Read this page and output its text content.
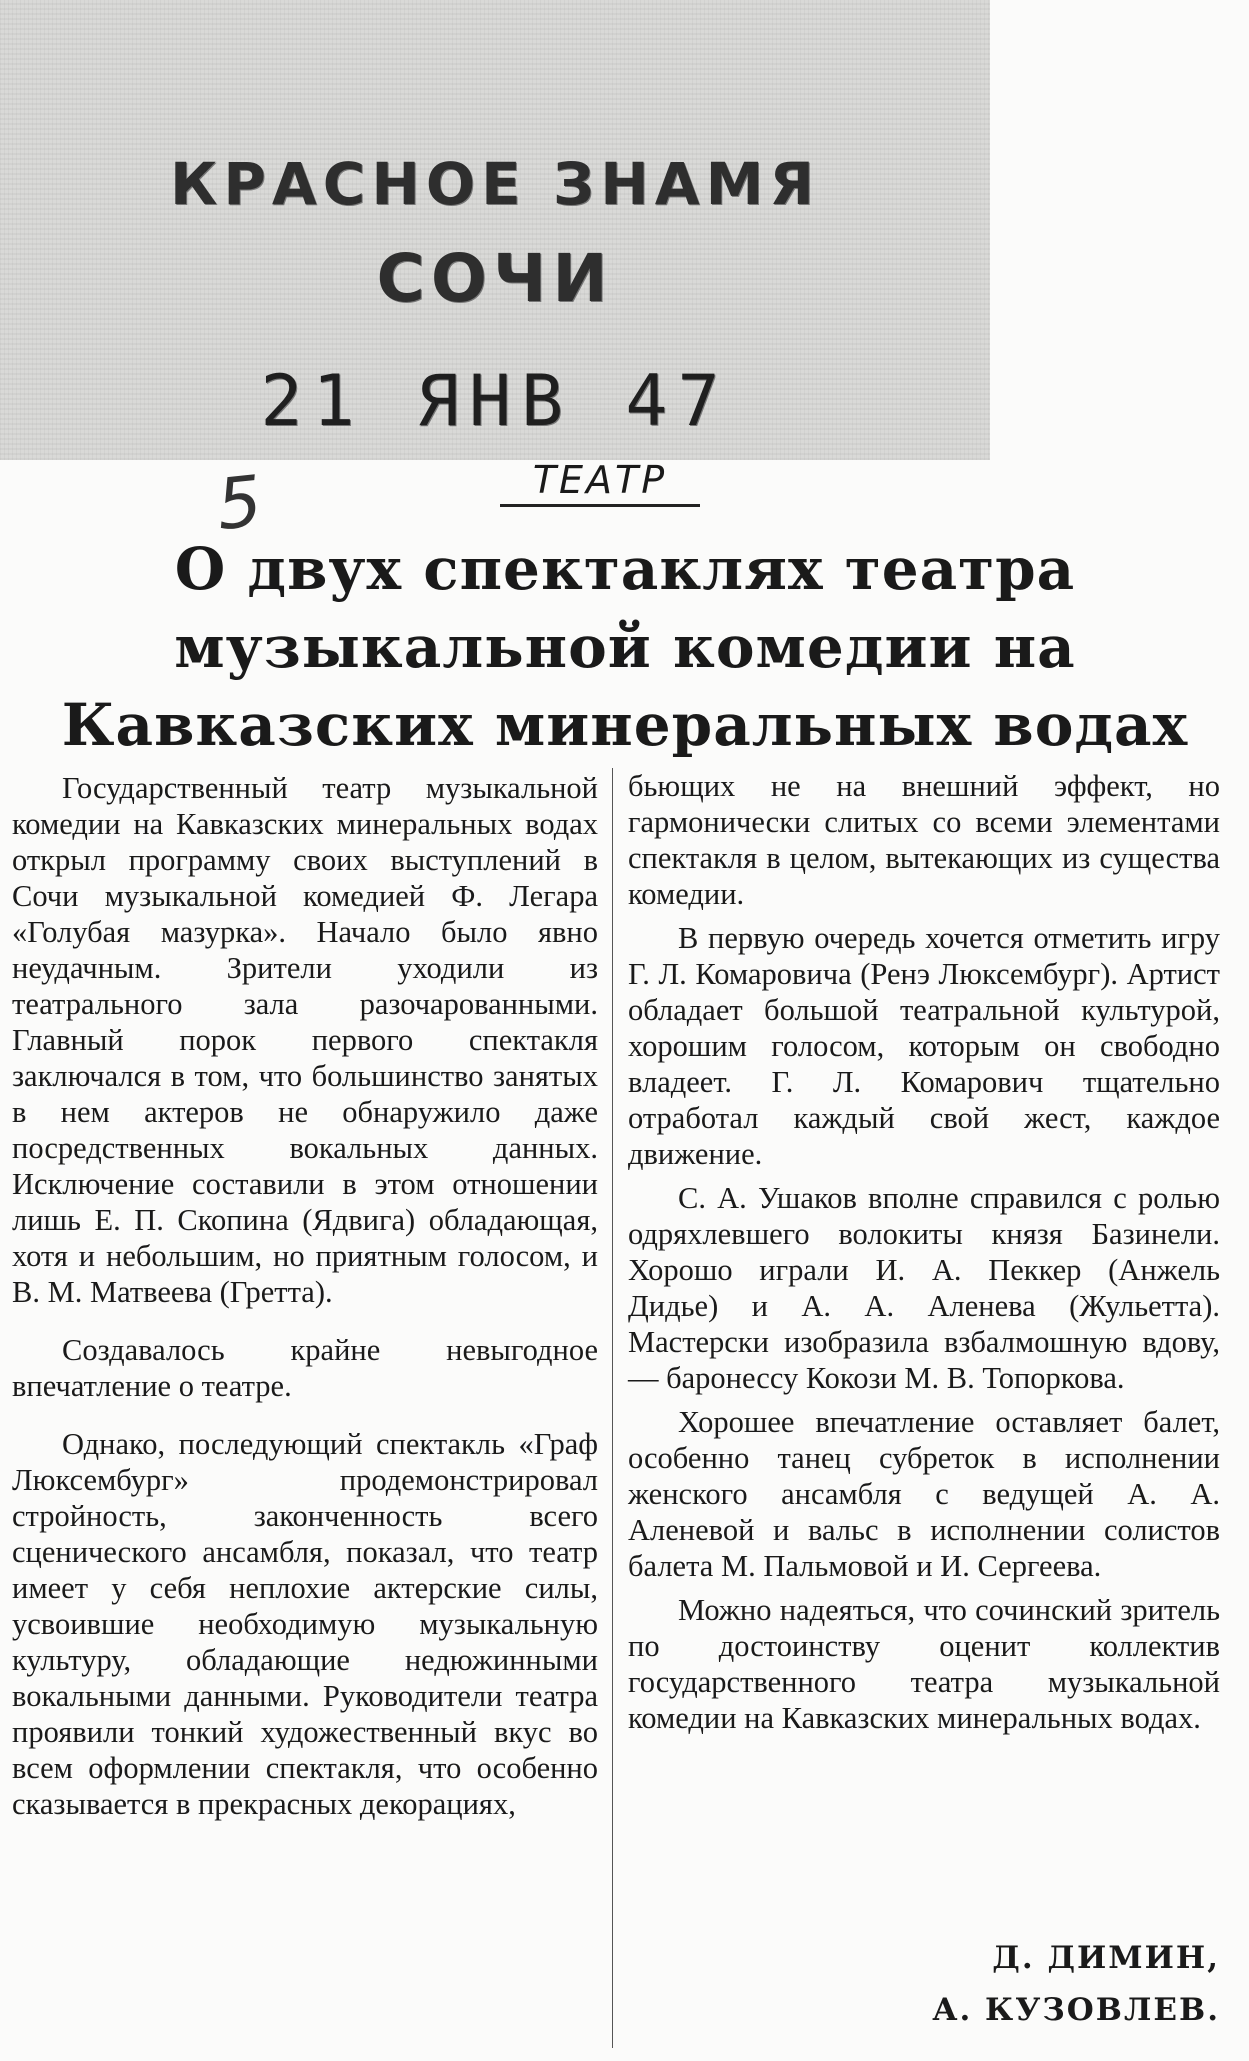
КРАСНОЕ ЗНАМЯ
СОЧИ
21 ЯНВ 47
5	ТЕАТР
О двух спектаклях театра музыкальной комедии на Кавказских минеральных водах

Государственный театр музыкальной комедии на Кавказских минеральных водах открыл программу своих выступлений в Сочи музыкальной комедией Ф. Легара «Голубая мазурка». Начало было явно неудачным. Зрители уходили из театрального зала разочарованными. Главный порок первого спектакля заключался в том, что большинство занятых в нем актеров не обнаружило даже посредственных вокальных данных. Исключение составили в этом отношении лишь Е. П. Скопина (Ядвига) обладающая, хотя и небольшим, но приятным голосом, и В. М. Матвеева (Гретта).

Создавалось крайне невыгодное впечатление о театре.

Однако, последующий спектакль «Граф Люксембург» продемонстрировал стройность, законченность всего сценического ансамбля, показал, что театр имеет у себя неплохие актерские силы, усвоившие необходимую музыкальную культуру, обладающие недюжинными вокальными данными. Руководители театра проявили тонкий художественный вкус во всем оформлении спектакля, что особенно сказывается в прекрасных декорациях,

бьющих не на внешний эффект, но гармонически слитых со всеми элементами спектакля в целом, вытекающих из существа комедии.

В первую очередь хочется отметить игру Г. Л. Комаровича (Ренэ Люксембург). Артист обладает большой театральной культурой, хорошим голосом, которым он свободно владеет. Г. Л. Комарович тщательно отработал каждый свой жест, каждое движение.

С. А. Ушаков вполне справился с ролью одряхлевшего волокиты князя Базинели. Хорошо играли И. А. Пеккер (Анжель Дидье) и А. А. Аленева (Жульетта). Мастерски изобразила взбалмошную вдову, — баронессу Кокози М. В. Топоркова.

Хорошее впечатление оставляет балет, особенно танец субреток в исполнении женского ансамбля с ведущей А. А. Аленевой и вальс в исполнении солистов балета М. Пальмовой и И. Сергеева.

Можно надеяться, что сочинский зритель по достоинству оценит коллектив государственного театра музыкальной комедии на Кавказских минеральных водах.

Д. ДИМИН,
А. КУЗОВЛЕВ.
